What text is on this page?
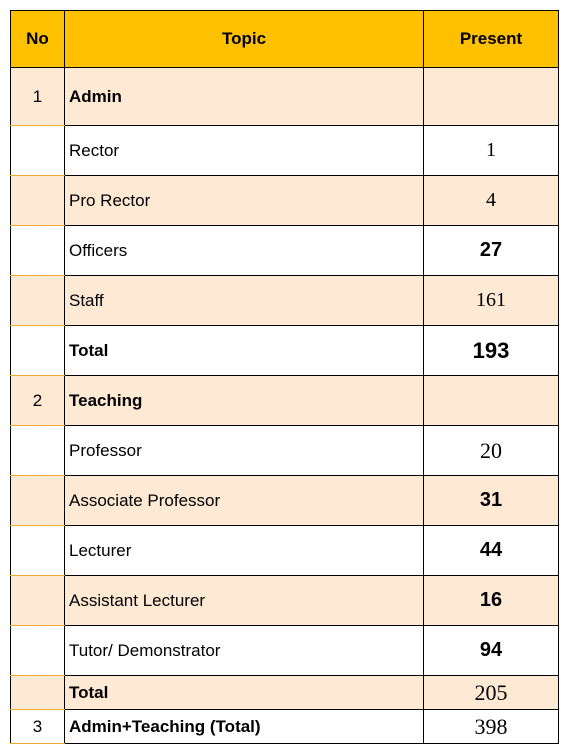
No	Topic	Present
1	Admin	
	Rector	1
	Pro Rector	4
	Officers	27
	Staff	161
	Total	193
2	Teaching	
	Professor	20
	Associate Professor	31
	Lecturer	44
	Assistant Lecturer	16
	Tutor/ Demonstrator	94
	Total	205
3	Admin+Teaching (Total)	398
